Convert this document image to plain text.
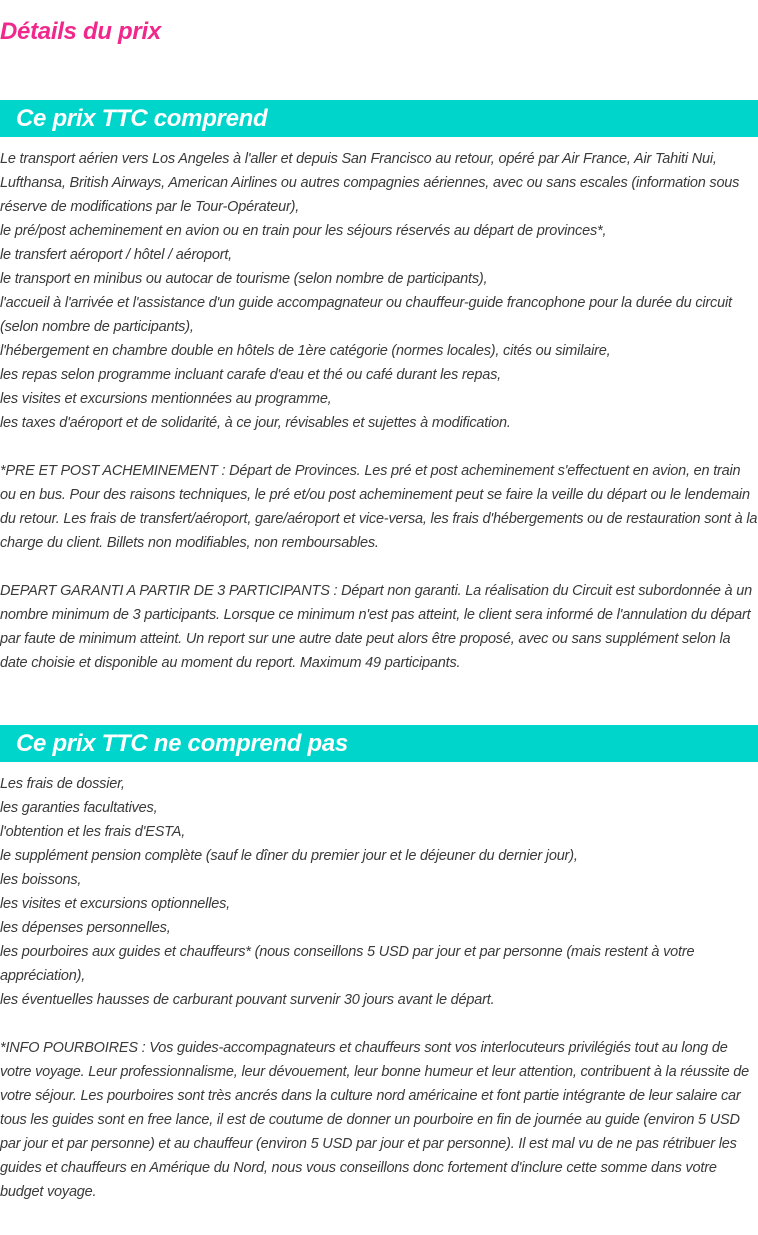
Détails du prix
Ce prix TTC comprend
Le transport aérien vers Los Angeles à l'aller et depuis San Francisco au retour, opéré par Air France, Air Tahiti Nui, Lufthansa, British Airways, American Airlines ou autres compagnies aériennes, avec ou sans escales (information sous réserve de modifications par le Tour-Opérateur),
le pré/post acheminement en avion ou en train pour les séjours réservés au départ de provinces*,
le transfert aéroport / hôtel / aéroport,
le transport en minibus ou autocar de tourisme (selon nombre de participants),
l'accueil à l'arrivée et l'assistance d'un guide accompagnateur ou chauffeur-guide francophone pour la durée du circuit (selon nombre de participants),
l'hébergement en chambre double en hôtels de 1ère catégorie (normes locales), cités ou similaire,
les repas selon programme incluant carafe d'eau et thé ou café durant les repas,
les visites et excursions mentionnées au programme,
les taxes d'aéroport et de solidarité, à ce jour, révisables et sujettes à modification.
*PRE ET POST ACHEMINEMENT : Départ de Provinces. Les pré et post acheminement s'effectuent en avion, en train ou en bus. Pour des raisons techniques, le pré et/ou post acheminement peut se faire la veille du départ ou le lendemain du retour. Les frais de transfert/aéroport, gare/aéroport et vice-versa, les frais d'hébergements ou de restauration sont à la charge du client. Billets non modifiables, non remboursables.
DEPART GARANTI A PARTIR DE 3 PARTICIPANTS : Départ non garanti. La réalisation du Circuit est subordonnée à un nombre minimum de 3 participants. Lorsque ce minimum n'est pas atteint, le client sera informé de l'annulation du départ par faute de minimum atteint. Un report sur une autre date peut alors être proposé, avec ou sans supplément selon la date choisie et disponible au moment du report. Maximum 49 participants.
Ce prix TTC ne comprend pas
Les frais de dossier,
les garanties facultatives,
l'obtention et les frais d'ESTA,
le supplément pension complète (sauf le dîner du premier jour et le déjeuner du dernier jour),
les boissons,
les visites et excursions optionnelles,
les dépenses personnelles,
les pourboires aux guides et chauffeurs* (nous conseillons 5 USD par jour et par personne (mais restent à votre appréciation),
les éventuelles hausses de carburant pouvant survenir 30 jours avant le départ.
*INFO POURBOIRES : Vos guides-accompagnateurs et chauffeurs sont vos interlocuteurs privilégiés tout au long de votre voyage. Leur professionnalisme, leur dévouement, leur bonne humeur et leur attention, contribuent à la réussite de votre séjour. Les pourboires sont très ancrés dans la culture nord américaine et font partie intégrante de leur salaire car tous les guides sont en free lance, il est de coutume de donner un pourboire en fin de journée au guide (environ 5 USD par jour et par personne) et au chauffeur (environ 5 USD par jour et par personne). Il est mal vu de ne pas rétribuer les guides et chauffeurs en Amérique du Nord, nous vous conseillons donc fortement d'inclure cette somme dans votre budget voyage.
